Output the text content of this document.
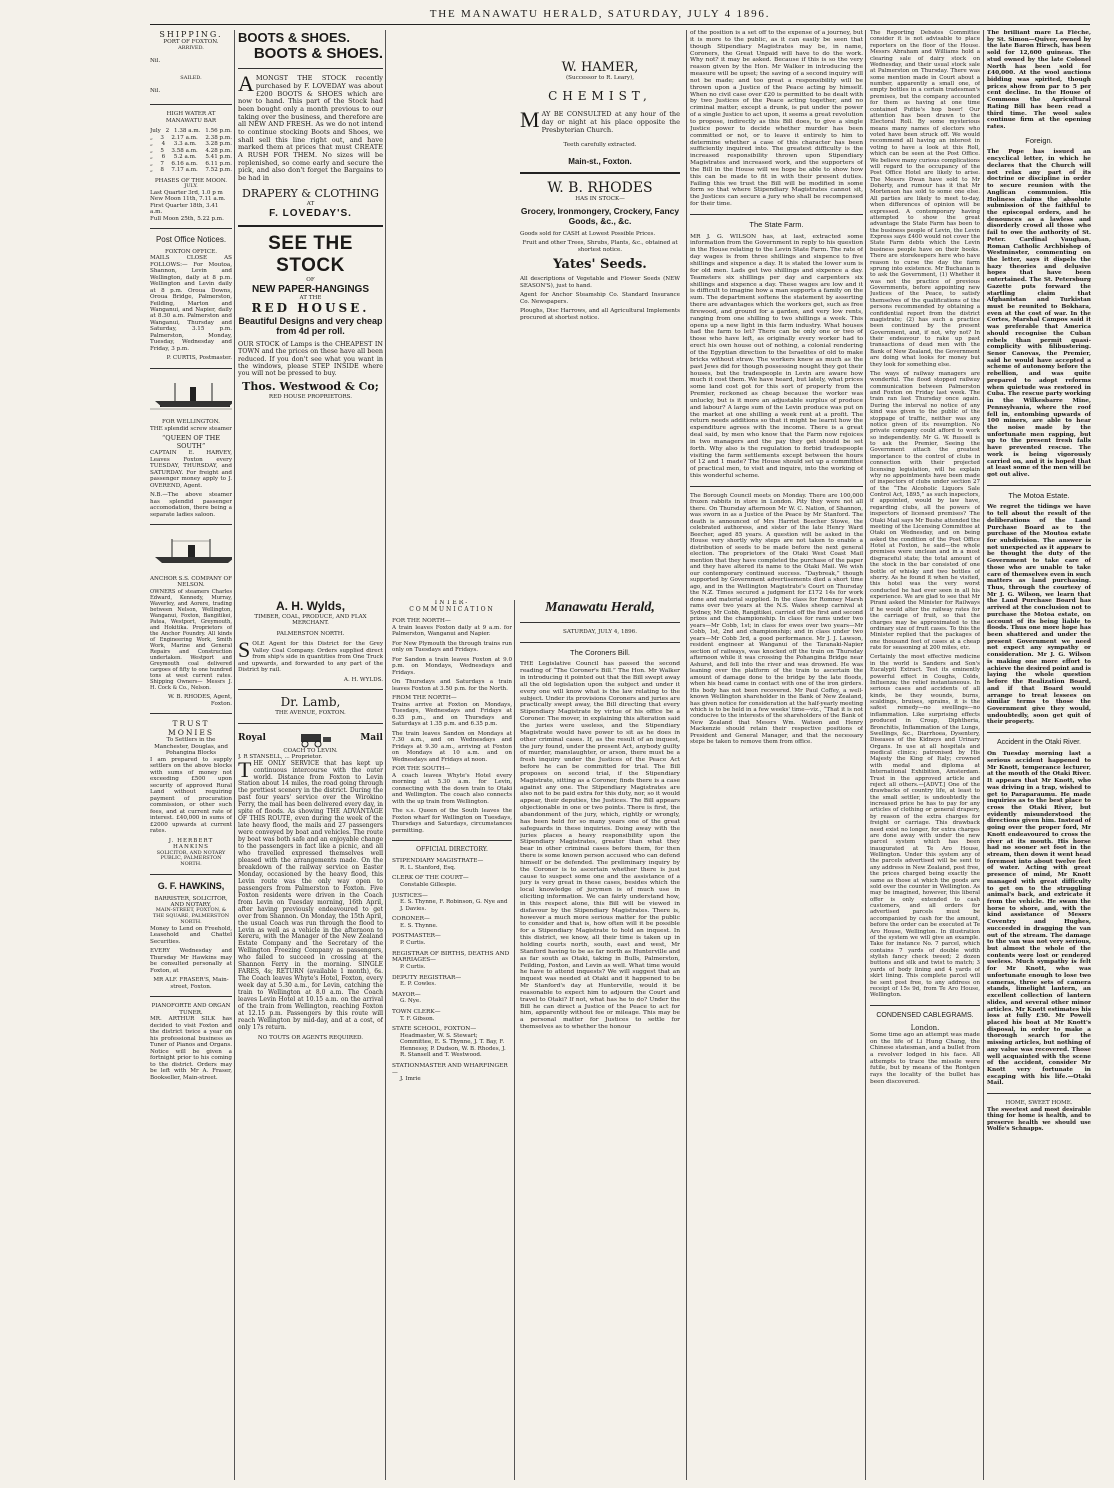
THE MANAWATU HERALD, SATURDAY, JULY 4 1896.
SHIPPING.
PORT OF FOXTON.
ARRIVED.
Nil.
SAILED.
Nil.
HIGH WATER AT MANAWATU BAR
July 2 1.38 a.m. 1.56 p.m.
„ 3 2.17 a.m. 2.38 p.m.
„ 4 3.3 a.m. 3.28 p.m.
„ 5 3.58 a.m. 4.28 p.m.
„ 6 5.2 a.m. 5.41 p.m.
„ 7 6.16 a.m. 6.11 p.m.
„ 8 7.17 a.m. 7.52 p.m.
PHASES OF THE MOON.
JULY.
Last Quarter 3rd, 1.0 p m
New Moon 11th, 7.11 a.m.
First Quarter 18th, 3.41 a.m.
Full Moon 25th, 5.22 p.m.
Post Office Notices.
FOXTON OFFICE.

MAILS CLOSE AS FOLLOWS:— For Moutoa, Shannon, Levin and Wellington, daily at 8 p.m. Wellington and Levin daily at 8 p.m. Oroua Downs, Oroua Bridge, Palmerston, Feilding, Marton and Wanganui, and Napier, daily at 8.30 a.m. Palmerston and Wanganui, Thursday and Saturday, 3.15 p.m. Palmerston, Monday, Tuesday, Wednesday and Friday, 3 p.m.

P. CURTIS, Postmaster.
FOR WELLINGTON.

THE splendid screw steamer

“QUEEN OF THE SOUTH”

CAPTAIN E. HARVEY, Leaves Foxton every TUESDAY, THURSDAY, and SATURDAY. For freight and passenger money apply to J. OVEREND, Agent.

N.B.—The above steamer has splendid passenger accomodation, there being a separate ladies saloon.

ANCHOR S.S. COMPANY OF NELSON.

OWNERS of steamers Charles Edward, Kennedy, Murray, Waverley, and Aorere, trading between Nelson, Wellington, Wanganui, Foxton, Bangitikei, Patea, Westport, Greymouth, and Hokitika. Proprietors of the Anchor Foundry. All kinds of Engineering Work, Smith Work, Marine and General Repairs and Construction undertaken. Westport and Greymouth coal delivered cargoes of fifty to one hundred tons at west current rates. Shipping Owners— Messrs J. H. Cock & Co., Nelson.

W. B. RHODES, Agent, Foxton.
TRUST MONIES
To Settlers in the Manchester, Douglas, and Pohangina Blocks

I am prepared to supply settlers on the above blocks with sums of money not exceeding £500 upon security of approved Rural Land without requiring payment of procuration commission, or other such fees, and at current rate of interest. £40,000 in sums of £2000 upwards at current rates.

J. HERBERT HANKINS
SOLICITOR, AND NOTARY PUBLIC, PALMERSTON NORTH.
G. F. HAWKINS,
BARRISTER, SOLICITOR, AND NOTARY,
MAIN-STREET, FOXTON, & THE SQUARE, PALMERSTON NORTH.

Money to Lend on Freehold, Leasehold and Chattel Securities.

EVERY Wednesday and Thursday Mr Hawkins may be consulted personally at Foxton, at

MR ALF. FRASER'S, Main-street, Foxton.
PIANOFORTE AND ORGAN TUNER.

MR. ARTHUR SILK has decided to visit Foxton and the district twice a year on his professional business as Tuner of Pianos and Organs. Notice will be given a fortnight prior to his coming to the district. Orders may be left with Mr A. Fraser, Bookseller, Main-street.

BOOTS & SHOES.
BOOTS & SHOES.

AMONGST THE STOCK recently purchased by F. LOVEDAY was about £200 BOOTS & SHOES which are now to hand. This part of the Stock had been bought only a month previous to our taking over the business, and therefore are all NEW AND FRESH. As we do not intend to continue stocking Boots and Shoes, we shall sell this line right out, and have marked them at prices that must CREATE A RUSH FOR THEM. No sizes will be replenished, so come early and secure the pick, and also don't forget the Bargains to be had in

DRAPERY & CLOTHING
AT
F. LOVEDAY'S.
SEE THE STOCK
OF
NEW PAPER-HANGINGS
AT THE
RED HOUSE.
Beautiful Designs and very cheap from 4d per roll.

OUR STOCK of Lamps is the CHEAPEST IN TOWN and the prices on these have all been reduced. If you don't see what you want in the windows, please STEP INSIDE where you will not be pressed to buy.

Thos. Westwood & Co;
RED HOUSE PROPRIETORS.
A. H. Wylds,
TIMBER, COAL, PRODUCE, AND FLAX MERCHANT.
PALMERSTON NORTH.

SOLE Agent for this District for the Grey Valley Coal Company. Orders supplied direct from ship's side in quantities from One Truck and upwards, and forwarded to any part of the District by rail.

A. H. WYLDS.
Dr. Lamb,
THE AVENUE, FOXTON.
Royal	Mail
COACH TO LEVIN.
J. R STANSELL, ... Proprietor.

THE ONLY SERVICE that has kept up continuous intercourse with the outer world. Distance from Foxton to Levin Station about 14 miles, the road going through the prettiest scenery in the district. During the past four years' service over the Wirokino Ferry, the mail has been delivered every day, in spite of floods. As showing THE ADVANTAGE OF THIS ROUTE, even during the week of the late heavy flood, the mails and 27 passengers were conveyed by boat and vehicles. The route by boat was both safe and an enjoyable change to the passengers in fact like a picnic, and all who travelled expressed themselves well pleased with the arrangements made. On the breakdown of the railway service on Easter Monday, occasioned by the heavy flood, this Levin route was the only way open to passengers from Palmerston to Foxton. Five Foxton residents were driven in the Coach from Levin on Tuesday morning, 16th April, after having previously endeavoured to get over from Shannon. On Monday, the 15th April, the usual Coach was run through the flood to Levin as well as a vehicle in the afternoon to Kereru, with the Manager of the New Zealand Estate Company and the Secretary of the Wellington Freezing Company as passengers, who failed to succeed in crossing at the Shannon Ferry in the morning. SINGLE FARES, 4s; RETURN (available 1 month), 6s. The Coach leaves Whyte's Hotel, Foxton, every week day at 5.30 a.m., for Levin, catching the train to Wellington at 8.0 a.m. The Coach leaves Levin Hotel at 10.15 a.m. on the arrival of the train from Wellington, reaching Foxton at 12.15 p.m. Passengers by this route will reach Wellington by mid-day, and at a cost, of only 17s return.

NO TOUTS OR AGENTS REQUIRED.
INTER-COMMUNICATION
FOR THE NORTH—

A train leaves Foxton daily at 9 a.m. for Palmerston, Wanganui and Napier.

For New Plymouth the through trains run only on Tuesdays and Fridays.

For Sandon a train leaves Foxton at 9.0 p.m. on Mondays, Wednesdays and Fridays.

On Thursdays and Saturdays a train leaves Foxton at 3.50 p.m. for the North.

FROM THE NORTH—

Trains arrive at Foxton on Mondays, Tuesdays, Wednesdays and Fridays at 6.35 p.m., and on Thursdays and Saturdays at 1.35 p.m. and 6.35 p.m.

The train leaves Sandon on Mondays at 7.30 a.m., and on Wednesdays and Fridays at 9.30 a.m., arriving at Foxton on Mondays at 10 a.m. and on Wednesdays and Fridays at noon.

FOR THE SOUTH—

A coach leaves Whyte's Hotel every morning at 5.30 a.m. for Levin, connecting with the down train to Otaki and Wellington. The coach also connects with the up train from Wellington.

The s.s. Queen of the South leaves the Foxton wharf for Wellington on Tuesdays, Thursdays and Saturdays, circumstances permitting.

OFFICIAL DIRECTORY.
STIPENDIARY MAGISTRATE—
R. L. Stanford, Esq.
CLERK OF THE COURT—
Constable Gillespie.
JUSTICES—
E. S. Thynne, F. Robinson, G. Nye and J. Davies.
CORONER—
E. S. Thynne.
POSTMASTER—
P. Curtis.
REGISTRAR OF BIRTHS, DEATHS AND MARRIAGES—
P. Curtis.
DEPUTY REGISTRAR—
E. P. Cowles.
MAYOR—
G. Nye.
TOWN CLERK—
T. F. Gibson.
STATE SCHOOL, FOXTON—
Headmaster, W. S. Stewart; Committee, E. S. Thynne, J. T. Bay, F. Hennessy, P. Dudson, W. B. Rhodes, J. R. Stansell and T. Westwood.
STATIONMASTER AND WHARFINGER—
J. Imrie
W. HAMER,
(Successor to R. Leary),
CHEMIST,

MAY BE CONSULTED at any hour of the day or night at his place opposite the Presbyterian Church.

Teeth carefully extracted.
Main-st., Foxton.
W. B. RHODES
HAS IN STOCK—
Grocery, Ironmongery, Crockery, Fancy Goods, &c., &c.

Goods sold for CASH at Lowest Possible Prices.

Fruit and other Trees, Shrubs, Plants, &c., obtained at shortest notice.

Yates' Seeds.

All descriptions of Vegetable and Flower Seeds (NEW SEASON'S), just to hand.

Agent for Anchor Steamship Co. Standard Insurance Co. Newspapers.

Ploughs, Disc Harrows, and all Agricultural Implements procured at shortest notice.

Manawatu Herald,
SATURDAY, JULY 4, 1896.
The Coroners Bill.

THE Legislative Council has passed the second reading of “The Coroner's Bill.” The Hon. Mr Walker in introducing it pointed out that the Bill swept away all the old legislation upon the subject and under it every one will know what is the law relating to the subject. Under its provisions Coroners and juries are practically swept away, the Bill directing that every Stipendiary Magistrate by virtue of his office be a Coroner. The mover, in explaining this alteration said the juries were useless, and the Stipendiary Magistrate would have power to sit as he does in other criminal cases. If, as the result of an inquest, the jury found, under the present Act, anybody guilty of murder, manslaughter, or arson, there must be a fresh inquiry under the Justices of the Peace Act before he can be committed for trial. The Bill proposes on second trial, if the Stipendiary Magistrate, sitting as a Coroner, finds there is a case against any one. The Stipendiary Magistrates are also not to be paid extra for this duty, nor, so it would appear, their deputies, the Justices. The Bill appears objectionable in one or two points. There is first, the abandonment of the jury, which, rightly or wrongly, has been held for so many years one of the great safeguards in these inquiries. Doing away with the juries places a heavy responsibility upon the Stipendiary Magistrates, greater than what they bear in other criminal cases before them, for then there is some known person accused who can defend himself or be defended. The preliminary inquiry by the Coroner is to ascertain whether there is just cause to suspect some one and the assistance of a jury is very great in these cases, besides which the local knowledge of jurymen is of much use in eliciting information. We can fairly understand how, in this respect alone, this Bill will be viewed in disfavour by the Stipendiary Magistrates. There is, however a much more serious matter for the public to consider and that is, how often will it be possible for a Stipendiary Magistrate to hold an inquest. In this district, we know, all their time is taken up in holding courts north, south, east and west, Mr Stanford having to be as far north as Hunterville and as far south as Otaki, taking in Bulls, Palmerston, Feilding, Foxton, and Levin as well. What time would he have to attend inquests? We will suggest that an inquest was needed at Otaki and it happened to be Mr Stanford's day at Hunterville, would it be reasonable to expect him to adjourn the Court and travel to Otaki? If not, what has he to do? Under the Bill he can direct a Justice of the Peace to act for him, apparently without fee or mileage. This may be a personal matter for Justices to settle for themselves as to whether the honour

of the position is a set off to the expense of a journey, but it is more to the public, as it can easily be seen that though Stipendiary Magistrates may be, in name, Coroners, the Great Unpaid will have to do the work. Why not? it may be asked. Because if this is so the very reason given by the Hon. Mr Walker in introducing the measure will be upset; the saving of a second inquiry will not be made; and too great a responsibility will be thrown upon a Justice of the Peace acting by himself. When no civil case over £20 is permitted to be dealt with by two Justices of the Peace acting together, and no criminal matter, except a drunk, is put under the power of a single Justice to act upon, it seems a great revolution to propose, indirectly as this Bill does, to give a single Justice power to decide whether murder has been committed or not, or to leave it entirely to him to determine whether a case of this character has been sufficiently inquired into. The greatest difficulty is the increased responsibility thrown upon Stipendiary Magistrates and increased work, and the supporters of the Bill in the House will we hope be able to show how this can be made to fit in with their present duties. Failing this we trust the Bill will be modified in some form so that where Stipendiary Magistrates cannot sit, the Justices can secure a jury who shall be recompensed for their time.

The State Farm.

MR J. G. WILSON has, at last, extracted some information from the Government in reply to his question in the House relating to the Levin State Farm. The rate of day wages is from three shillings and sixpence to five shillings and sixpence a day. It is stated the lower sum is for old men. Lads get two shillings and sixpence a day. Teamsters six shillings per day and carpenters six shillings and sixpence a day. These wages are low and it is difficult to imagine how a man supports a family on the sum. The department softens the statement by asserting there are advantages which the workers get, such as free firewood, and ground for a garden, and very low rents, ranging from one shilling to two shillings a week. This opens up a new light in this farm industry. What houses had the farm to let? There can be only one or two of those who have left, as originally every worker had to erect his own house out of nothing, a colonial rendering of the Egyptian direction to the Israelites of old to make bricks without straw. The workers knew as much as the past Jews did for though possessing nought they got their houses, but the tradespeople in Levin are aware how much it cost them. We have heard, but lately, what prices some land cost got for this sort of property from the Premier, reckoned as cheap because the worker was unlucky, but is it more an adjustable surplus of produce and labour? A large sum of the Levin produce was put on the market at one shilling a week rent at a profit. The return needs additions so that it might be learnt how the expenditure agrees with the income. There is a great deal said, by men who know that the Farm now rejoices in two managers and the pay they get should be set forth. Why also is the regulation to forbid tradespeople visiting the farm settlements except between the hours of 12 and 1 made? The House should set up a committee of practical men, to visit and inquire, into the working of this wonderful scheme.

The Borough Council meets on Monday. There are 100,000 frozen rabbits in store in London. Pity they were not all there. On Thursday afternoon Mr W. C. Nation, of Shannon, was sworn in as a Justice of the Peace by Mr Stanford. The death is announced of Mrs Harriet Beecher Stowe, the celebrated authoress, and sister of the late Henry Ward Beecher, aged 85 years. A question will be asked in the House very shortly why steps are not taken to enable a distribution of seeds to be made before the next general election. The proprietors of the Otaki West Coast Mail mention that they have completed the purchase of the paper and they have altered its name to the Otaki Mail. We wish our contemporary continued success. “Daybreak,” though supported by Government advertisements died a short time ago, and in the Wellington Magistrate's Court on Thursday the N.Z. Times secured a judgment for £172 14s for work done and material supplied. In the class for Romney Marsh rams over two years at the N.S. Wales sheep carnival at Sydney, Mr Cobb, Rangitikei, carried off the first and second prizes and the championship. In class for rams under two years—Mr Cobb, 1st; in class for ewes over two years—Mr Cobb, 1st, 2nd and championship; and in class under two years—Mr Cobb 3rd, a good performance. Mr J. J. Lawson, resident engineer at Wanganui of the Taranaki-Napier section of railways, was knocked off the train on Thursday afternoon while it was crossing the Pohangina Bridge near Ashurst, and fell into the river and was drowned. He was leaning over the platform of the train to ascertain the amount of damage done to the bridge by the late floods, when his head came in contact with one of the iron girders. His body has not been recovered. Mr Paul Coffey, a well-known Wellington shareholder in the Bank of New Zealand, has given notice for consideration at the half-yearly meeting which is to be held in a few weeks' time—viz., “That it is not conducive to the interests of the shareholders of the Bank of New Zealand that Messrs Wm. Watson and Henry Mackenzie should retain their respective positions of President and General Manager, and that the necessary steps be taken to remove them from office.

The Reporting Debates Committee consider it is not advisable to place reporters on the floor of the House. Messrs Abraham and Williams hold a clearing sale of dairy stock on Wednesday, and their usual stock sale at Palmerston on Thursday. There was some mention made in Court about a number, apparently a small one, of empty bottles in a certain tradesman's premises, but the company accounted for them as having at one time contained Puttie's hop beer! Our attention has been drawn to the Electoral Roll. By some mysterious means many names of electors who voted have been struck off. We would recommend all having an interest in voting to have a look at this Roll, which can be seen at the Post Office. We believe many curious complications will regard to the occupancy of the Post Office Hotel are likely to arise. The Messrs Dwan have sold to Mr Doherty, and rumour has it that Mr Mortenson has sold to some one else. All parties are likely to meet to-day, when differences of opinion will be expressed. A contemporary having attempted to show the great advantage the State Farm has been to the business people of Levin, the Levin Express says £400 would not cover the State Farm debts which the Levin business people have on their books. There are storekeepers here who have reason to curse the day the farm sprung into existence. Mr Buchanan is to ask the Government, (1) Whether it was not the practice of previous Governments, before appointing new Justices of the Peace, to satisfy themselves of the qualifications of the persons recommended by obtaining a confidential report from the district magistrate; (2) has such a practice been continued by the present Government, and, if not, why not? In their endeavour to rake up past transactions of dead men with the Bank of New Zealand, the Government are doing what looks for money but they look for something else.

The ways of railway managers are wonderful. The flood stopped railway communication between Palmerston and Foxton on Friday last week. The train ran last Thursday once again. During the interval no notice of any kind was given to the public of the stoppage of traffic, neither was any notice given of its resumption. No private company could afford to work so independently. Mr G. W. Russell is to ask the Premier, Seeing the Government attach the greatest importance to the control of clubs in connection with their projected licensing legislation, will he explain why no appointments have been made of inspectors of clubs under section 27 of the “The Alcoholic Liquors Sale Control Act, 1895,” as such inspectors, if appointed, would by law have, regarding clubs, all the powers of inspectors of licensed premises? The Otaki Mail says Mr Bushe attended the meeting of the Licensing Committee at Otaki on Wednesday, and on being asked the condition of the Post Office Hotel at Foxton, he said—the whole premises were unclean and in a most disgraceful state; the total amount of the stock in the bar consisted of one bottle of whisky and two bottles of sherry. As he found it when he visited, this hotel was the very worst conducted he had ever seen in all his experience. We are glad to see that Mr Pirani asked the Minister for Railways if he would alter the railway rates for the carriage of fruit, so that the charges may be approximated to the ordinary size of fruit cases. To this the Minister replied that the packages of one thousand feet of cases at a cheap rate for seasoning at 200 miles, etc.

Certainly the most effective medicine in the world is Sanders and Son's Eucalypti Extract. Test its eminently powerful effect in Coughs, Colds, Influenza; the relief instantaneous. In serious cases and accidents of all kinds, be they wounds, burns, scaldings, bruises, sprains, it is the safest remedy—no swellings—no inflammation. Like surprising effects produced in Croup, Diphtheria, Bronchitis, Inflammation of the Lungs, Swellings, &c., Diarrhoea, Dysentery, Diseases of the Kidneys and Urinary Organs. In use at all hospitals and medical clinics; patronised by His Majesty the King of Italy; crowned with medal and diploma at International Exhibition, Amsterdam. Trust in the approved article and reject all others.—[ADVT.] One of the drawbacks of country life, at least to the small settler, is undoubtedly the increased price he has to pay for any articles of clothing or general drapery, by reason of the extra charges for freight or carriage. This drawback need exist no longer, for extra charges are done away with under the new parcel system which has been inaugurated at Te Aro House, Wellington. Under this system any of the parcels advertised will be sent to any address in New Zealand, post free, the prices charged being exactly the same as those at which the goods are sold over the counter in Wellington. As may be imagined, however, this liberal offer is only extended to cash customers, and all orders for advertised parcels must be accompanied by cash for the amount, before the order can be executed at Te Aro House, Wellington. In illustration of the system we will give an example. Take for instance No. 7 parcel, which contains 7 yards of double width stylish fancy check tweed; 2 dozen buttons and silk and twist to match; 3 yards of body lining and 4 yards of skirt lining. This complete parcel will be sent post free, to any address on receipt of 15s 9d, from Te Aro House, Wellington.

CONDENSED CABLEGRAMS.
London.

Some time ago an attempt was made on the life of Li Hung Chang, the Chinese statesman, and a bullet from a revolver lodged in his face. All attempts to trace the missile were futile, but by means of the Rontgen rays the locality of the bullet has been discovered.

The brilliant mare La Flèche, by St. Simon—Quiver, owned by the late Baron Hirsch, has been sold for 12,600 guineas. The stud owned by the late Colonel North has been sold for £40,000. At the wool auctions bidding was spirited, though prices show from par to 5 per cent decline. In the House of Commons the Agricultural Rating Bill has been read a third time. The wool sales continue firm at the opening rates.

Foreign.

The Pope has issued an encyclical letter, in which he declares that the Church will not relax any part of its doctrine or discipline in order to secure reunion with the Anglican communion. His Holiness claims the absolute submission of the faithful to the episcopal orders, and he denounces as a lawless and disorderly crowd all those who fail to owe the authority of St. Peter. Cardinal Vaughan, Roman Catholic Archbishop of Westminster, commenting on the letter, says it dispels the hazy theories and delusive hopes that have been entertained. The St. Petersburg Gazette puts forward the startling claim that Afghanistan and Turkistan must be reunited to Bokhara, even at the cost of war. In the Cortes, Marshal Campos said it was preferable that America should recognise the Cuban rebels than permit quasi-complicity with filibustering. Senor Canovas, the Premier, said he would have accepted a scheme of autonomy before the rebellion, and was quite prepared to adopt reforms when quietude was restored in Cuba. The rescue party working in the Wilkesbarre Mine, Pennsylvania, where the roof fell in, entombing upwards of 100 miners, are able to hear the noise made by the unfortunate men rapping, but up to the present fresh falls have prevented rescue. The work is being vigorously carried on, and it is hoped that at least some of the men will be got out alive.

The Motoa Estate.

We regret the tidings we have to tell about the result of the deliberations of the Land Purchase Board as to the purchase of the Moutoa estate for subdivision. The answer is not unexpected as it appears to be thought the duty of the Government to take care of those who are unable to take care of themselves even in such matters as land purchasing. Thus, through the courtesy of Mr J. G. Wilson, we learn that the Land Purchase Board has arrived at the conclusion not to purchase the Motoa estate, on account of its being liable to floods. Thus one more hope has been shattered and under the present Government we need not expect any sympathy or consideration. Mr J. G. Wilson is making one more effort to achieve the desired point and is laying the whole question before the Realization Board, and if that Board would arrange to treat lessees on similar terms to those the Government give they would, undoubtedly, soon get quit of their property.

Accident in the Otaki River.

On Tuesday morning last a serious accident happened to Mr Knott, temperance lecturer, at the mouth of the Otaki River. It appears that Mr Knott, who was driving in a trap, wished to get to Paraparaumu. He made inquiries as to the best place to cross the Otaki River, but evidently misunderstood the directions given him. Instead of going over the proper ford, Mr Knott endeavoured to cross the river at its mouth. His horse had no sooner set foot in the stream, then down it went head foremost into about twelve feet of water. Acting with great presence of mind, Mr Knott managed with great difficulty to get on to the struggling animal's back, and extricate it from the vehicle. He swam the horse to shore, and, with the kind assistance of Messrs Coventry and Hughes, succeeded in dragging the van out of the stream. The damage to the van was not very serious, but almost the whole of the contents were lost or rendered useless. Much sympathy is felt for Mr Knott, who was unfortunate enough to lose two cameras, three sets of camera stands, limelight lantern, an excellent collection of lantern slides, and several other minor articles. Mr Knott estimates his loss at fully £30. Mr Powell placed his boat at Mr Knott's disposal, in order to make a thorough search for the missing articles, but nothing of any value was recovered. Those well acquainted with the scene of the accident, consider Mr Knott very fortunate in escaping with his life.—Otaki Mail.

HOME, SWEET HOME.

The sweetest and most desirable thing for home is health, and to preserve health we should use Wolfe's Schnapps.
